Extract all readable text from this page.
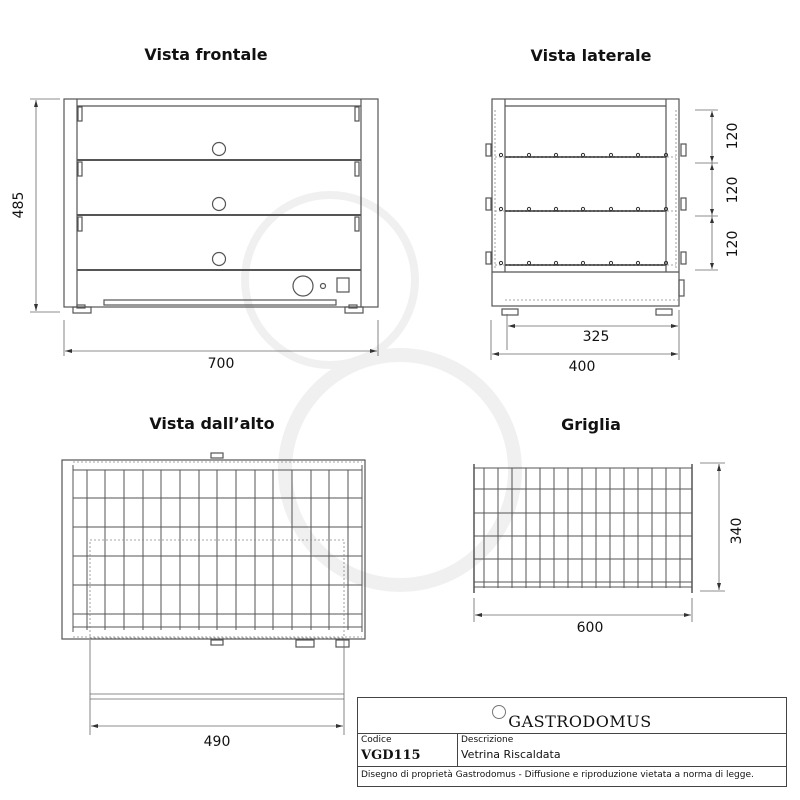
Vista frontale	Vista laterale
Vista dall’alto	Griglia
485
700
120
120
120
325
400
490
340
600
GASTRODOMUS
Codice
VGD115
Descrizione
Vetrina Riscaldata
Disegno di proprietà Gastrodomus - Diffusione e riproduzione vietata a norma di legge.
